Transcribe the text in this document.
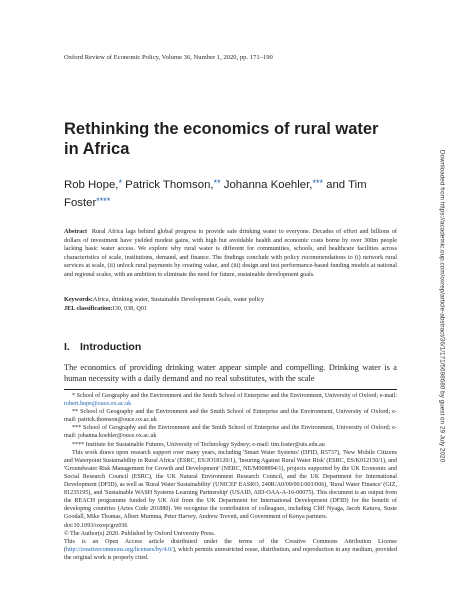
Oxford Review of Economic Policy, Volume 36, Number 1, 2020, pp. 171–190
Rethinking the economics of rural water in Africa
Rob Hope,* Patrick Thomson,** Johanna Koehler,*** and Tim Foster****
Abstract Rural Africa lags behind global progress to provide safe drinking water to everyone. Decades of effort and billions of dollars of investment have yielded modest gains, with high but avoidable health and economic costs borne by over 300m people lacking basic water access. We explore why rural water is different for communities, schools, and healthcare facilities across characteristics of scale, institutions, demand, and finance. The findings conclude with policy recommendations to (i) network rural services at scale, (ii) unlock rural payments by creating value, and (iii) design and test performance-based funding models at national and regional scales, with an ambition to eliminate the need for future, sustainable development goals.
Keywords:Africa, drinking water, Sustainable Development Goals, water policy
JEL classification:I30, 038, Q01
I. Introduction
The economics of providing drinking water appear simple and compelling. Drinking water is a human necessity with a daily demand and no real substitutes, with the scale
* School of Geography and the Environment and the Smith School of Enterprise and the Environment, University of Oxford; e-mail: robert.hope@ouce.ox.ac.uk
** School of Geography and the Environment and the Smith School of Enterprise and the Environment, University of Oxford; e-mail: patrick.thomson@ouce.ox.ac.uk
*** School of Geography and the Environment and the Smith School of Enterprise and the Environment, University of Oxford; e-mail: johanna.koehler@ouce.ox.ac.uk
**** Institute for Sustainable Futures, University of Technology Sydney; e-mail: tim.foster@uts.edu.au
This work draws upon research support over many years, including 'Smart Water Systems' (DFID, R5737), 'New Mobile Citizens and Waterpoint Sustainability in Rural Africa' (ESRC, ES/JO18120/1), 'Insuring Against Rural Water Risk' (ESRC, ES/K012150/1), and 'Groundwater Risk Management for Growth and Development' (NERC, NE/M008894/1), projects supported by the UK Economic and Social Research Council (ESRC), the UK Natural Environment Research Council, and the UK Department for International Development (DFID), as well as 'Rural Water Sustainability' (UNICEF EASRO, 240R/A0/09/001/003/006), 'Rural Water Finance' (GIZ, 81235195), and 'Sustainable WASH Systems Learning Partnership' (USAID, AID-OAA-A-16-00075). This document is an output from the REACH programme funded by UK Aid from the UK Department for International Development (DFID) for the benefit of developing countries (Aries Code 201880). We recognize the contribution of colleagues, including Cliff Nyaga, Jacob Katuva, Susie Goodall, Mike Thomas, Albert Mumma, Peter Harvey, Andrew Trevett, and Government of Kenya partners.
doi:10.1093/oxrep/grz036
© The Author(s) 2020. Published by Oxford University Press.
This is an Open Access article distributed under the terms of the Creative Commons Attribution License (http://creativecommons.org/licenses/by/4.0/), which permits unrestricted reuse, distribution, and reproduction in any medium, provided the original work is properly cited.
Downloaded from https://academic.oup.com/oxrep/article-abstract/36/1/171/5698680 by guest on 29 July 2020
